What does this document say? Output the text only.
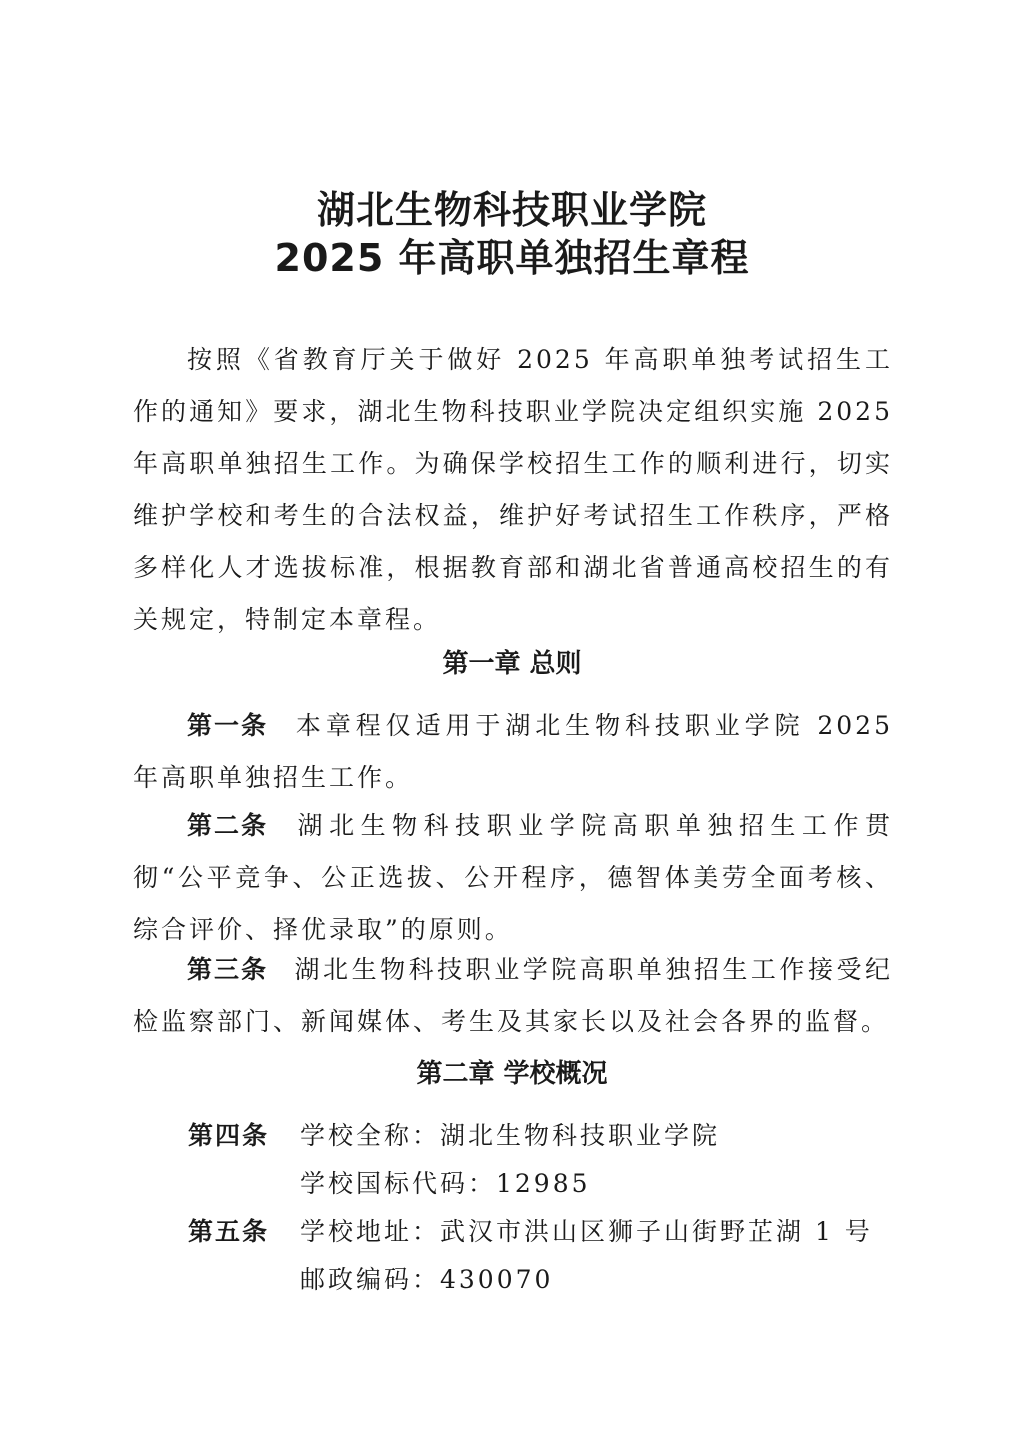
湖北生物科技职业学院
2025 年高职单独招生章程
按照《省教育厅关于做好 2025 年高职单独考试招生工作的通知》要求，湖北生物科技职业学院决定组织实施 2025 年高职单独招生工作。为确保学校招生工作的顺利进行，切实维护学校和考生的合法权益，维护好考试招生工作秩序，严格多样化人才选拔标准，根据教育部和湖北省普通高校招生的有关规定，特制定本章程。
第一章 总则
第一条 本章程仅适用于湖北生物科技职业学院 2025 年高职单独招生工作。
第二条 湖北生物科技职业学院高职单独招生工作贯彻“公平竞争、公正选拔、公开程序，德智体美劳全面考核、综合评价、择优录取”的原则。
第三条 湖北生物科技职业学院高职单独招生工作接受纪检监察部门、新闻媒体、考生及其家长以及社会各界的监督。
第二章 学校概况
第四条 学校全称：湖北生物科技职业学院
学校国标代码：12985
第五条 学校地址：武汉市洪山区狮子山街野芷湖 1 号
邮政编码：430070
